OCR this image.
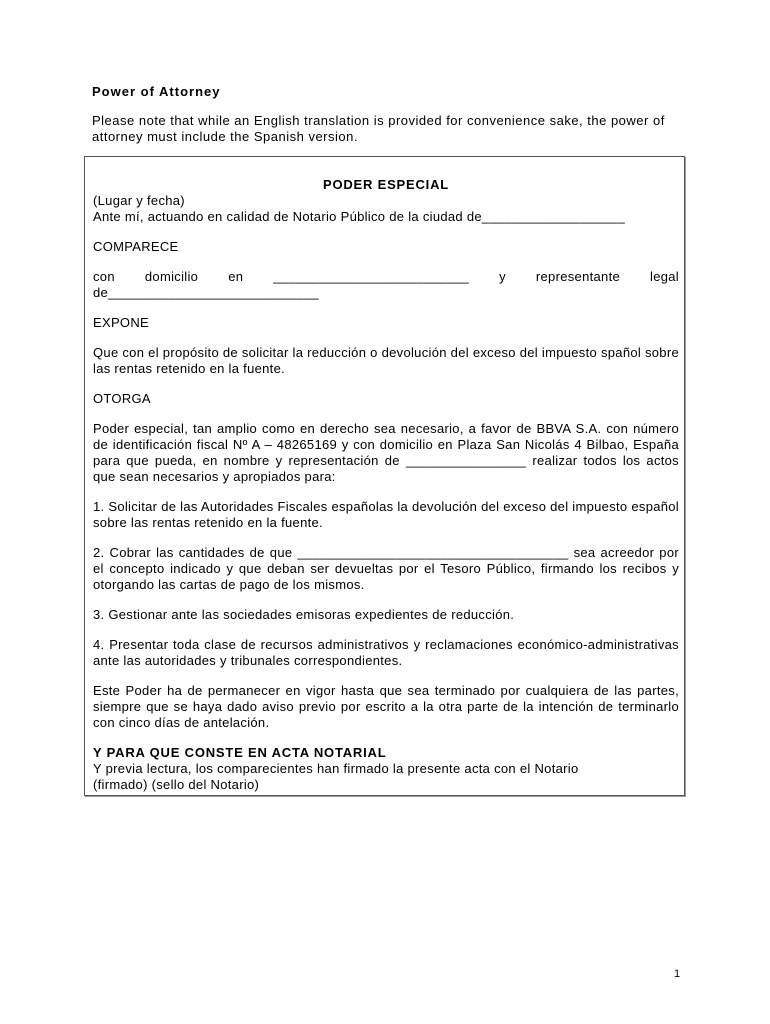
Power of Attorney
Please note that while an English translation is provided for convenience sake, the power of attorney must include the Spanish version.
PODER ESPECIAL

(Lugar y fecha)

Ante mí, actuando en calidad de Notario Público de la ciudad de___________________

COMPARECE

con domicilio en __________________________ y representante legal

de____________________________

EXPONE

Que con el propósito de solicitar la reducción o devolución del exceso del impuesto spañol sobre las rentas retenido en la fuente.

OTORGA

Poder especial, tan amplio como en derecho sea necesario, a favor de BBVA S.A. con número de identificación fiscal Nº A – 48265169 y con domicilio en Plaza San Nicolás 4 Bilbao, España para que pueda, en nombre y representación de ________________ realizar todos los actos que sean necesarios y apropiados para:

1. Solicitar de las Autoridades Fiscales españolas la devolución del exceso del impuesto español sobre las rentas retenido en la fuente.

2. Cobrar las cantidades de que ____________________________________ sea acreedor por el concepto indicado y que deban ser devueltas por el Tesoro Público, firmando los recibos y otorgando las cartas de pago de los mismos.

3. Gestionar ante las sociedades emisoras expedientes de reducción.

4. Presentar toda clase de recursos administrativos y reclamaciones económico-administrativas ante las autoridades y tribunales correspondientes.

Este Poder ha de permanecer en vigor hasta que sea terminado por cualquiera de las partes, siempre que se haya dado aviso previo por escrito a la otra parte de la intención de terminarlo con cinco días de antelación.

Y PARA QUE CONSTE EN ACTA NOTARIAL

Y previa lectura, los comparecientes han firmado la presente acta con el Notario

(firmado) (sello del Notario)

1
